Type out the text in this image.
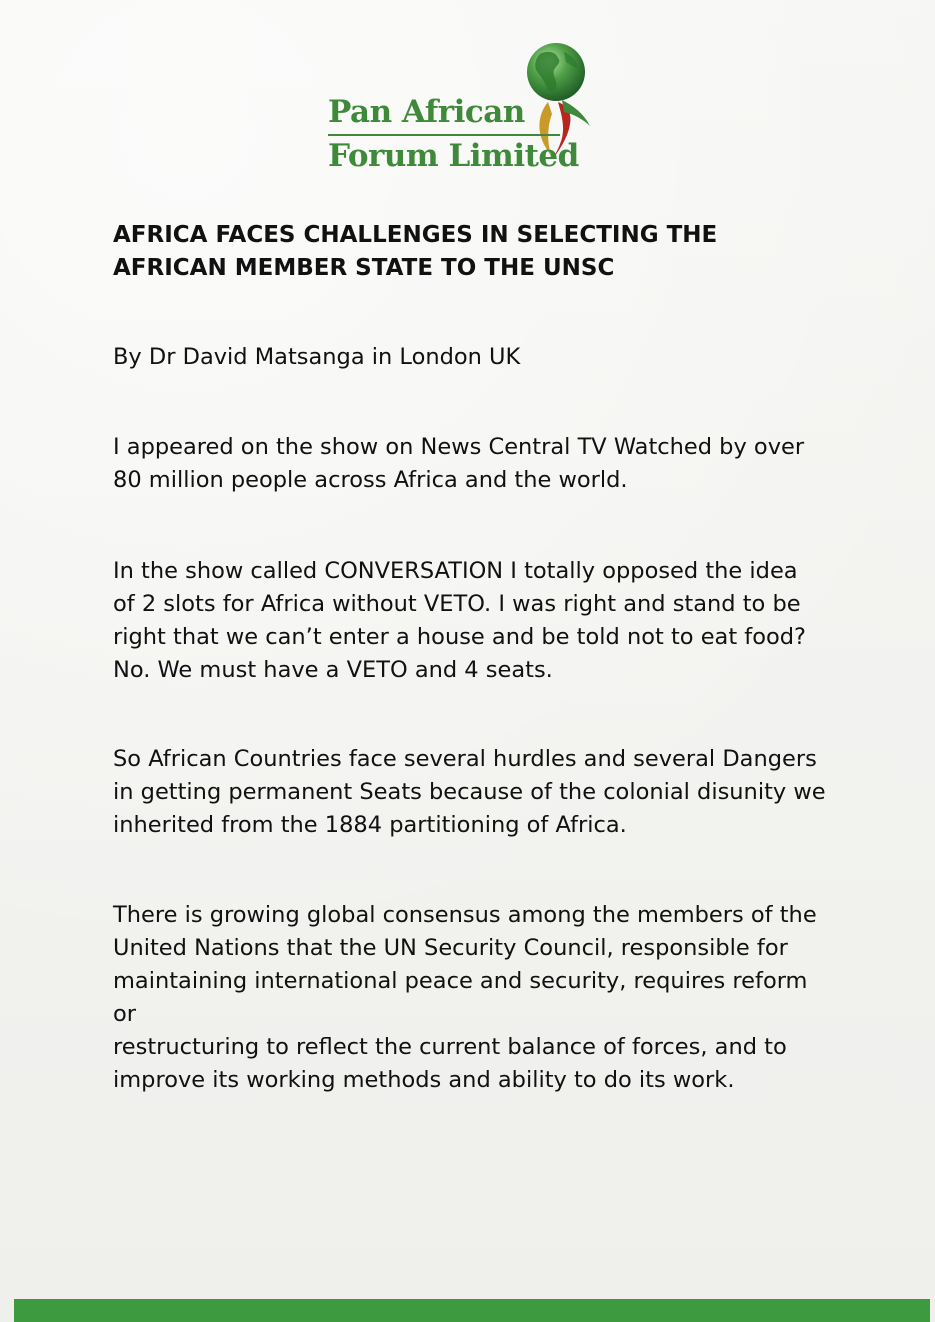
Pan African
Forum Limited
AFRICA FACES CHALLENGES IN SELECTING THE
AFRICAN MEMBER STATE TO THE UNSC

By Dr David Matsanga in London UK

I appeared on the show on News Central TV Watched by over
80 million people across Africa and the world.

In the show called CONVERSATION I totally opposed the idea
of 2 slots for Africa without VETO. I was right and stand to be
right that we can’t enter a house and be told not to eat food?
No. We must have a VETO and 4 seats.

So African Countries face several hurdles and several Dangers
in getting permanent Seats because of the colonial disunity we
inherited from the 1884 partitioning of Africa.

There is growing global consensus among the members of the
United Nations that the UN Security Council, responsible for
maintaining international peace and security, requires reform or
restructuring to reflect the current balance of forces, and to
improve its working methods and ability to do its work.
